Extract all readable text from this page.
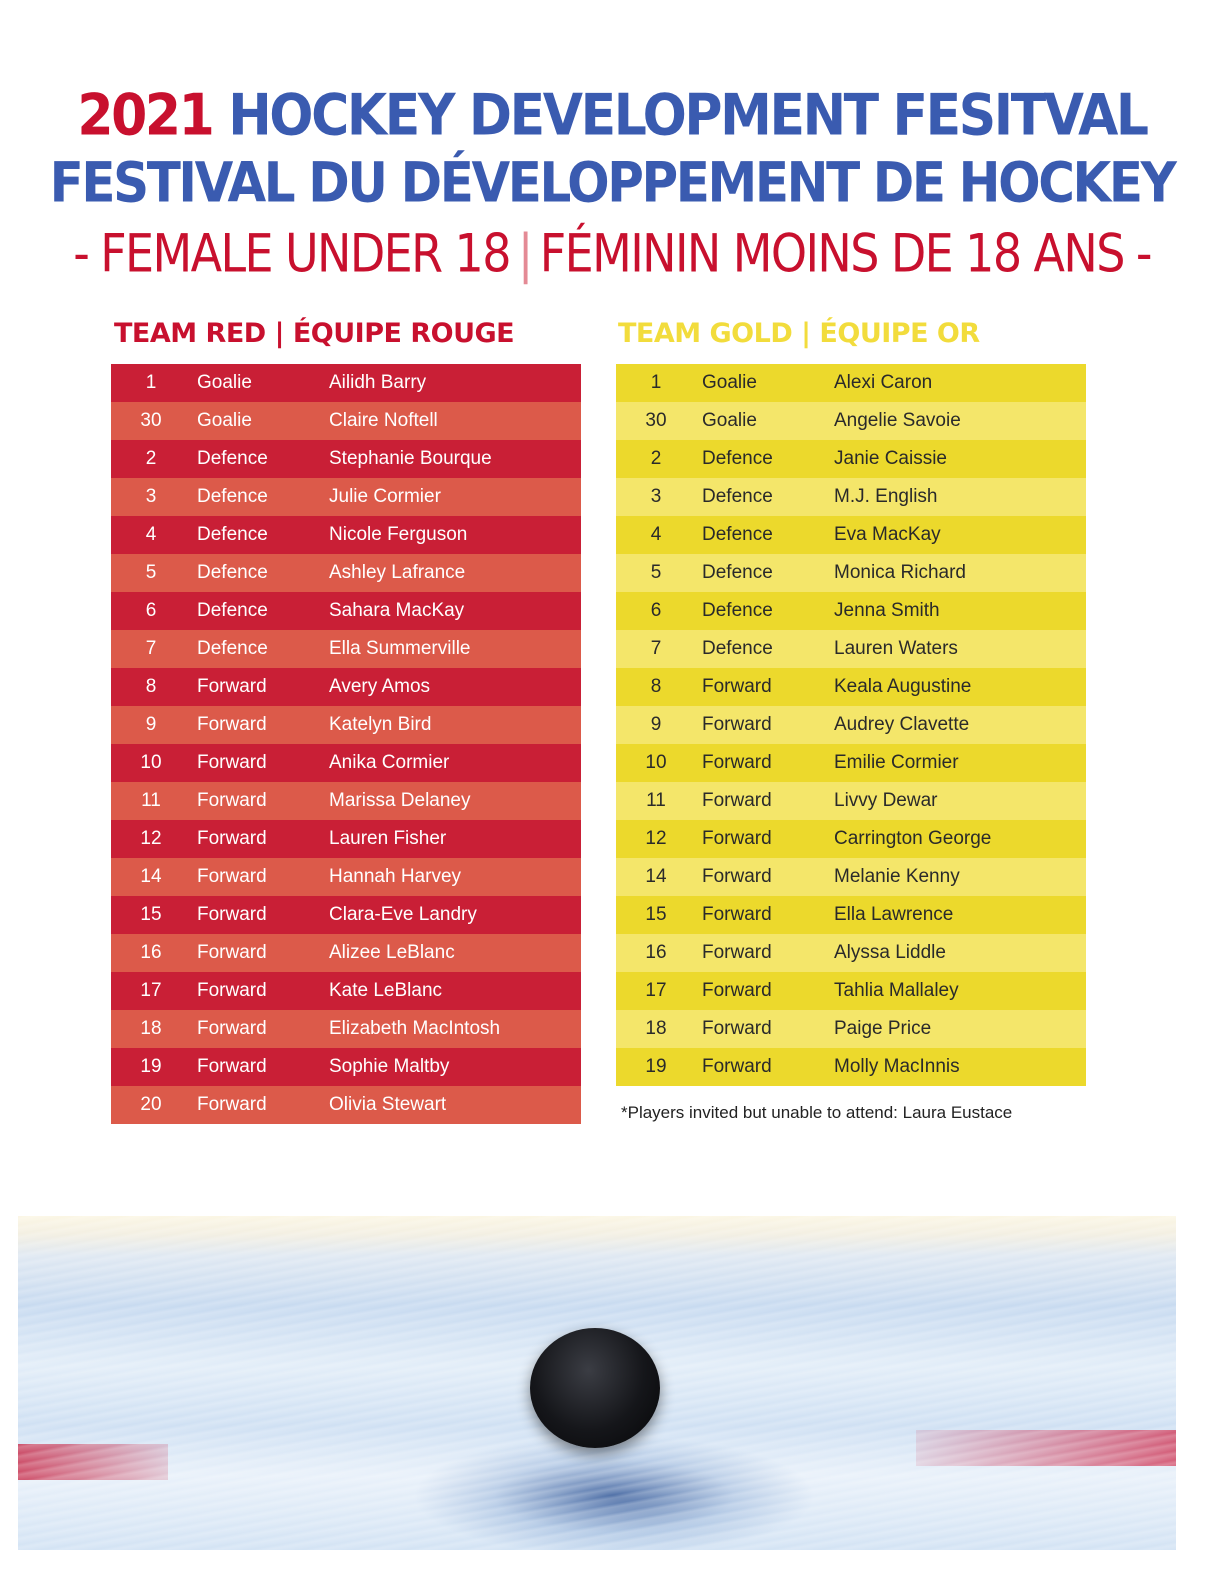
2021 HOCKEY DEVELOPMENT FESITVAL
FESTIVAL DU DÉVELOPPEMENT DE HOCKEY
- FEMALE UNDER 18 | FÉMININ MOINS DE 18 ANS -
TEAM RED | ÉQUIPE ROUGE	TEAM GOLD | ÉQUIPE OR
1	Goalie	Ailidh Barry
30	Goalie	Claire Noftell
2	Defence	Stephanie Bourque
3	Defence	Julie Cormier
4	Defence	Nicole Ferguson
5	Defence	Ashley Lafrance
6	Defence	Sahara MacKay
7	Defence	Ella Summerville
8	Forward	Avery Amos
9	Forward	Katelyn Bird
10	Forward	Anika Cormier
11	Forward	Marissa Delaney
12	Forward	Lauren Fisher
14	Forward	Hannah Harvey
15	Forward	Clara-Eve Landry
16	Forward	Alizee LeBlanc
17	Forward	Kate LeBlanc
18	Forward	Elizabeth MacIntosh
19	Forward	Sophie Maltby
20	Forward	Olivia Stewart
1	Goalie	Alexi Caron
30	Goalie	Angelie Savoie
2	Defence	Janie Caissie
3	Defence	M.J. English
4	Defence	Eva MacKay
5	Defence	Monica Richard
6	Defence	Jenna Smith
7	Defence	Lauren Waters
8	Forward	Keala Augustine
9	Forward	Audrey Clavette
10	Forward	Emilie Cormier
11	Forward	Livvy Dewar
12	Forward	Carrington George
14	Forward	Melanie Kenny
15	Forward	Ella Lawrence
16	Forward	Alyssa Liddle
17	Forward	Tahlia Mallaley
18	Forward	Paige Price
19	Forward	Molly MacInnis
*Players invited but unable to attend: Laura Eustace
